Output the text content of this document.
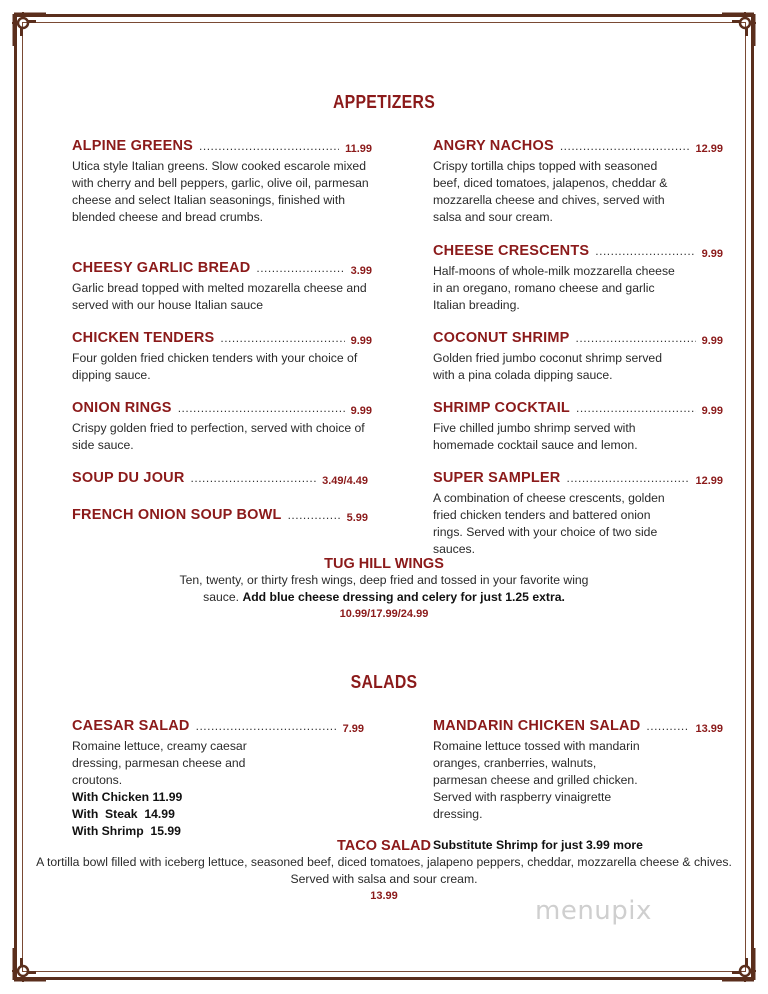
APPETIZERS
ALPINE GREENS .....	11.99
Utica style Italian greens. Slow cooked escarole mixed with cherry and bell peppers, garlic, olive oil, parmesan cheese and select Italian seasonings, finished with blended cheese and bread crumbs.
CHEESY GARLIC BREAD .....	3.99
Garlic bread topped with melted mozarella cheese and served with our house Italian sauce
CHICKEN TENDERS .....	9.99
Four golden fried chicken tenders with your choice of dipping sauce.
ONION RINGS .....	9.99
Crispy golden fried to perfection, served with choice of side sauce.
SOUP DU JOUR .....	3.49/4.49
FRENCH ONION SOUP BOWL .....	5.99
ANGRY NACHOS .....	12.99
Crispy tortilla chips topped with seasoned beef, diced tomatoes, jalapenos, cheddar & mozzarella cheese and chives, served with salsa and sour cream.
CHEESE CRESCENTS .....	9.99
Half-moons of whole-milk mozzarella cheese in an oregano, romano cheese and garlic Italian breading.
COCONUT SHRIMP .....	9.99
Golden fried jumbo coconut shrimp served with a pina colada dipping sauce.
SHRIMP COCKTAIL .....	9.99
Five chilled jumbo shrimp served with homemade cocktail sauce and lemon.
SUPER SAMPLER .....	12.99
A combination of cheese crescents, golden fried chicken tenders and battered onion rings. Served with your choice of two side sauces.
TUG HILL WINGS
Ten, twenty, or thirty fresh wings, deep fried and tossed in your favorite wing
sauce. Add blue cheese dressing and celery for just 1.25 extra.
10.99/17.99/24.99
SALADS
CAESAR SALAD .....	7.99
Romaine lettuce, creamy caesar dressing, parmesan cheese and croutons.
With Chicken 11.99
With  Steak  14.99
With Shrimp  15.99
MANDARIN CHICKEN SALAD .....	13.99
Romaine lettuce tossed with mandarin oranges, cranberries, walnuts, parmesan cheese and grilled chicken. Served with raspberry vinaigrette dressing.
Substitute Shrimp for just 3.99 more
TACO SALAD
A tortilla bowl filled with iceberg lettuce, seasoned beef, diced tomatoes, jalapeno peppers, cheddar, mozzarella cheese & chives.
Served with salsa and sour cream.
13.99	menupix
